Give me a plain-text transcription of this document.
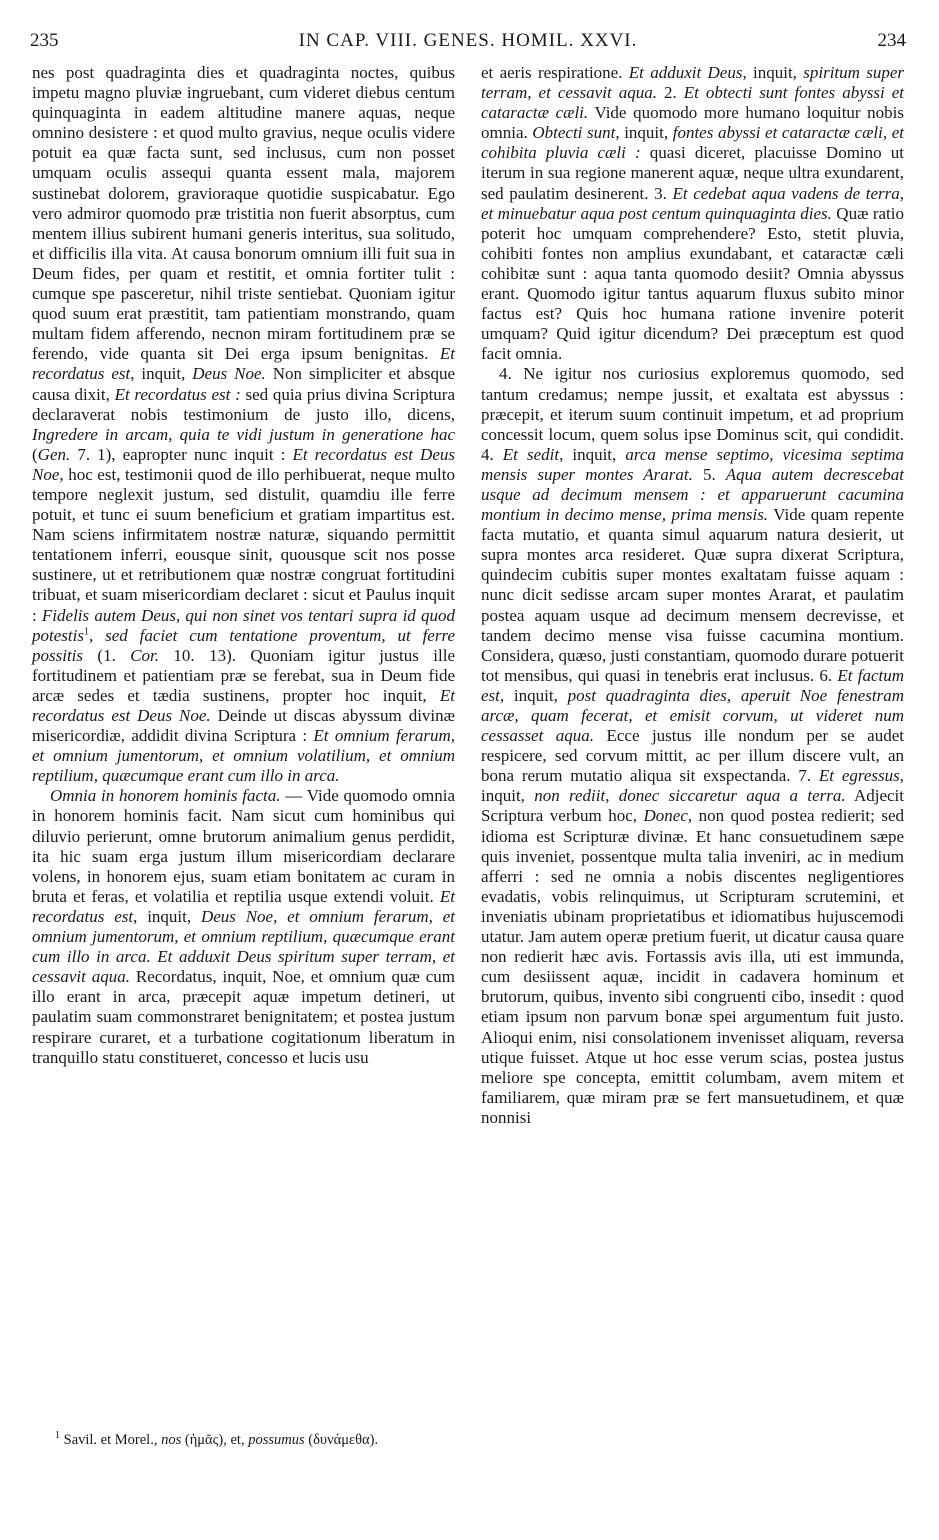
235	IN CAP. VIII. GENES. HOMIL. XXVI.	234

nes post quadraginta dies et quadraginta noctes, quibus impetu magno pluviæ ingruebant, cum videret diebus centum quinquaginta in eadem altitudine manere aquas, neque omnino desistere : et quod multo gravius, neque oculis videre potuit ea quæ facta sunt, sed inclusus, cum non posset umquam oculis assequi quanta essent mala, majorem sustinebat dolorem, gravioraque quotidie suspicabatur. Ego vero admiror quomodo præ tristitia non fuerit absorptus, cum mentem illius subirent humani generis interitus, sua solitudo, et difficilis illa vita. At causa bonorum omnium illi fuit sua in Deum fides, per quam et restitit, et omnia fortiter tulit : cumque spe pasceretur, nihil triste sentiebat. Quoniam igitur quod suum erat præstitit, tam patientiam monstrando, quam multam fidem afferendo, necnon miram fortitudinem præ se ferendo, vide quanta sit Dei erga ipsum benignitas. Et recordatus est, inquit, Deus Noe. Non simpliciter et absque causa dixit, Et recordatus est : sed quia prius divina Scriptura declaraverat nobis testimonium de justo illo, dicens, Ingredere in arcam, quia te vidi justum in generatione hac (Gen. 7. 1), eapropter nunc inquit : Et recordatus est Deus Noe, hoc est, testimonii quod de illo perhibuerat, neque multo tempore neglexit justum, sed distulit, quamdiu ille ferre potuit, et tunc ei suum beneficium et gratiam impartitus est. Nam sciens infirmitatem nostræ naturæ, siquando permittit tentationem inferri, eousque sinit, quousque scit nos posse sustinere, ut et retributionem quæ nostræ congruat fortitudini tribuat, et suam misericordiam declaret : sicut et Paulus inquit : Fidelis autem Deus, qui non sinet vos tentari supra id quod potestis$^1$, sed faciet cum tentatione proventum, ut ferre possitis (1. Cor. 10. 13). Quoniam igitur justus ille fortitudinem et patientiam præ se ferebat, sua in Deum fide arcæ sedes et tædia sustinens, propter hoc inquit, Et recordatus est Deus Noe. Deinde ut discas abyssum divinæ misericordiæ, addidit divina Scriptura : Et omnium ferarum, et omnium jumentorum, et omnium volatilium, et omnium reptilium, quæcumque erant cum illo in arca.

Omnia in honorem hominis facta. — Vide quomodo omnia in honorem hominis facit. Nam sicut cum hominibus qui diluvio perierunt, omne brutorum animalium genus perdidit, ita hic suam erga justum illum misericordiam declarare volens, in honorem ejus, suam etiam bonitatem ac curam in bruta et feras, et volatilia et reptilia usque extendi voluit. Et recordatus est, inquit, Deus Noe, et omnium ferarum, et omnium jumentorum, et omnium reptilium, quæcumque erant cum illo in arca. Et adduxit Deus spiritum super terram, et cessavit aqua. Recordatus, inquit, Noe, et omnium quæ cum illo erant in arca, præcepit aquæ impetum detineri, ut paulatim suam commonstraret benignitatem; et postea justum respirare curaret, et a turbatione cogitationum liberatum in tranquillo statu constitueret, concesso et lucis usu

et aeris respiratione. Et adduxit Deus, inquit, spiritum super terram, et cessavit aqua. 2. Et obtecti sunt fontes abyssi et cataractæ cæli. Vide quomodo more humano loquitur nobis omnia. Obtecti sunt, inquit, fontes abyssi et cataractæ cæli, et cohibita pluvia cæli : quasi diceret, placuisse Domino ut iterum in sua regione manerent aquæ, neque ultra exundarent, sed paulatim desinerent. 3. Et cedebat aqua vadens de terra, et minuebatur aqua post centum quinquaginta dies. Quæ ratio poterit hoc umquam comprehendere? Esto, stetit pluvia, cohibiti fontes non amplius exundabant, et cataractæ cæli cohibitæ sunt : aqua tanta quomodo desiit? Omnia abyssus erant. Quomodo igitur tantus aquarum fluxus subito minor factus est? Quis hoc humana ratione invenire poterit umquam? Quid igitur dicendum? Dei præceptum est quod facit omnia.

4. Ne igitur nos curiosius exploremus quomodo, sed tantum credamus; nempe jussit, et exaltata est abyssus : præcepit, et iterum suum continuit impetum, et ad proprium concessit locum, quem solus ipse Dominus scit, qui condidit. 4. Et sedit, inquit, arca mense septimo, vicesima septima mensis super montes Ararat. 5. Aqua autem decrescebat usque ad decimum mensem : et apparuerunt cacumina montium in decimo mense, prima mensis. Vide quam repente facta mutatio, et quanta simul aquarum natura desierit, ut supra montes arca resideret. Quæ supra dixerat Scriptura, quindecim cubitis super montes exaltatam fuisse aquam : nunc dicit sedisse arcam super montes Ararat, et paulatim postea aquam usque ad decimum mensem decrevisse, et tandem decimo mense visa fuisse cacumina montium. Considera, quæso, justi constantiam, quomodo durare potuerit tot mensibus, qui quasi in tenebris erat inclusus. 6. Et factum est, inquit, post quadraginta dies, aperuit Noe fenestram arcæ, quam fecerat, et emisit corvum, ut videret num cessasset aqua. Ecce justus ille nondum per se audet respicere, sed corvum mittit, ac per illum discere vult, an bona rerum mutatio aliqua sit exspectanda. 7. Et egressus, inquit, non rediit, donec siccaretur aqua a terra. Adjecit Scriptura verbum hoc, Donec, non quod postea redierit; sed idioma est Scripturæ divinæ. Et hanc consuetudinem sæpe quis inveniet, possentque multa talia inveniri, ac in medium afferri : sed ne omnia a nobis discentes negligentiores evadatis, vobis relinquimus, ut Scripturam scrutemini, et inveniatis ubinam proprietatibus et idiomatibus hujuscemodi utatur. Jam autem operæ pretium fuerit, ut dicatur causa quare non redierit hæc avis. Fortassis avis illa, uti est immunda, cum desiissent aquæ, incidit in cadavera hominum et brutorum, quibus, invento sibi congruenti cibo, insedit : quod etiam ipsum non parvum bonæ spei argumentum fuit justo. Alioqui enim, nisi consolationem invenisset aliquam, reversa utique fuisset. Atque ut hoc esse verum scias, postea justus meliore spe concepta, emittit columbam, avem mitem et familiarem, quæ miram præ se fert mansuetudinem, et quæ nonnisi

$^1$ Savil. et Morel., nos (ἡμᾶς), et, possumus (δυνάμεθα).
